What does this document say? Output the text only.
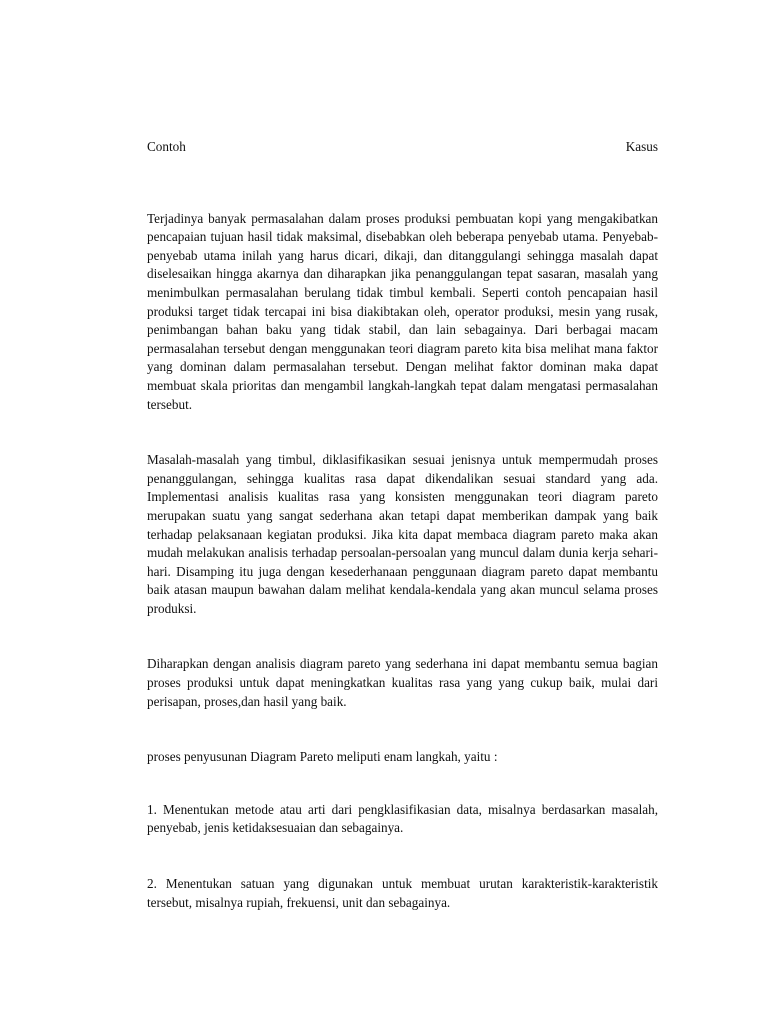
Contoh	Kasus

Terjadinya banyak permasalahan dalam proses produksi pembuatan kopi yang mengakibatkan pencapaian tujuan hasil tidak maksimal, disebabkan oleh beberapa penyebab utama. Penyebab-penyebab utama inilah yang harus dicari, dikaji, dan ditanggulangi sehingga masalah dapat diselesaikan hingga akarnya dan diharapkan jika penanggulangan tepat sasaran, masalah yang menimbulkan permasalahan berulang tidak timbul kembali. Seperti contoh pencapaian hasil produksi target tidak tercapai ini bisa diakibtakan oleh, operator produksi, mesin yang rusak, penimbangan bahan baku yang tidak stabil, dan lain sebagainya. Dari berbagai macam permasalahan tersebut dengan menggunakan teori diagram pareto kita bisa melihat mana faktor yang dominan dalam permasalahan tersebut. Dengan melihat faktor dominan maka dapat membuat skala prioritas dan mengambil langkah-langkah tepat dalam mengatasi permasalahan tersebut.

Masalah-masalah yang timbul, diklasifikasikan sesuai jenisnya untuk mempermudah proses penanggulangan, sehingga kualitas rasa dapat dikendalikan sesuai standard yang ada. Implementasi analisis kualitas rasa yang konsisten menggunakan teori diagram pareto merupakan suatu yang sangat sederhana akan tetapi dapat memberikan dampak yang baik terhadap pelaksanaan kegiatan produksi. Jika kita dapat membaca diagram pareto maka akan mudah melakukan analisis terhadap persoalan-persoalan yang muncul dalam dunia kerja sehari-hari. Disamping itu juga dengan kesederhanaan penggunaan diagram pareto dapat membantu baik atasan maupun bawahan dalam melihat kendala-kendala yang akan muncul selama proses produksi.

Diharapkan dengan analisis diagram pareto yang sederhana ini dapat membantu semua bagian proses produksi untuk dapat meningkatkan kualitas rasa yang yang cukup baik, mulai dari perisapan, proses,dan hasil yang baik.

proses penyusunan Diagram Pareto meliputi enam langkah, yaitu :

1. Menentukan metode atau arti dari pengklasifikasian data, misalnya berdasarkan masalah, penyebab, jenis ketidaksesuaian dan sebagainya.

2. Menentukan satuan yang digunakan untuk membuat urutan karakteristik-karakteristik tersebut, misalnya rupiah, frekuensi, unit dan sebagainya.
